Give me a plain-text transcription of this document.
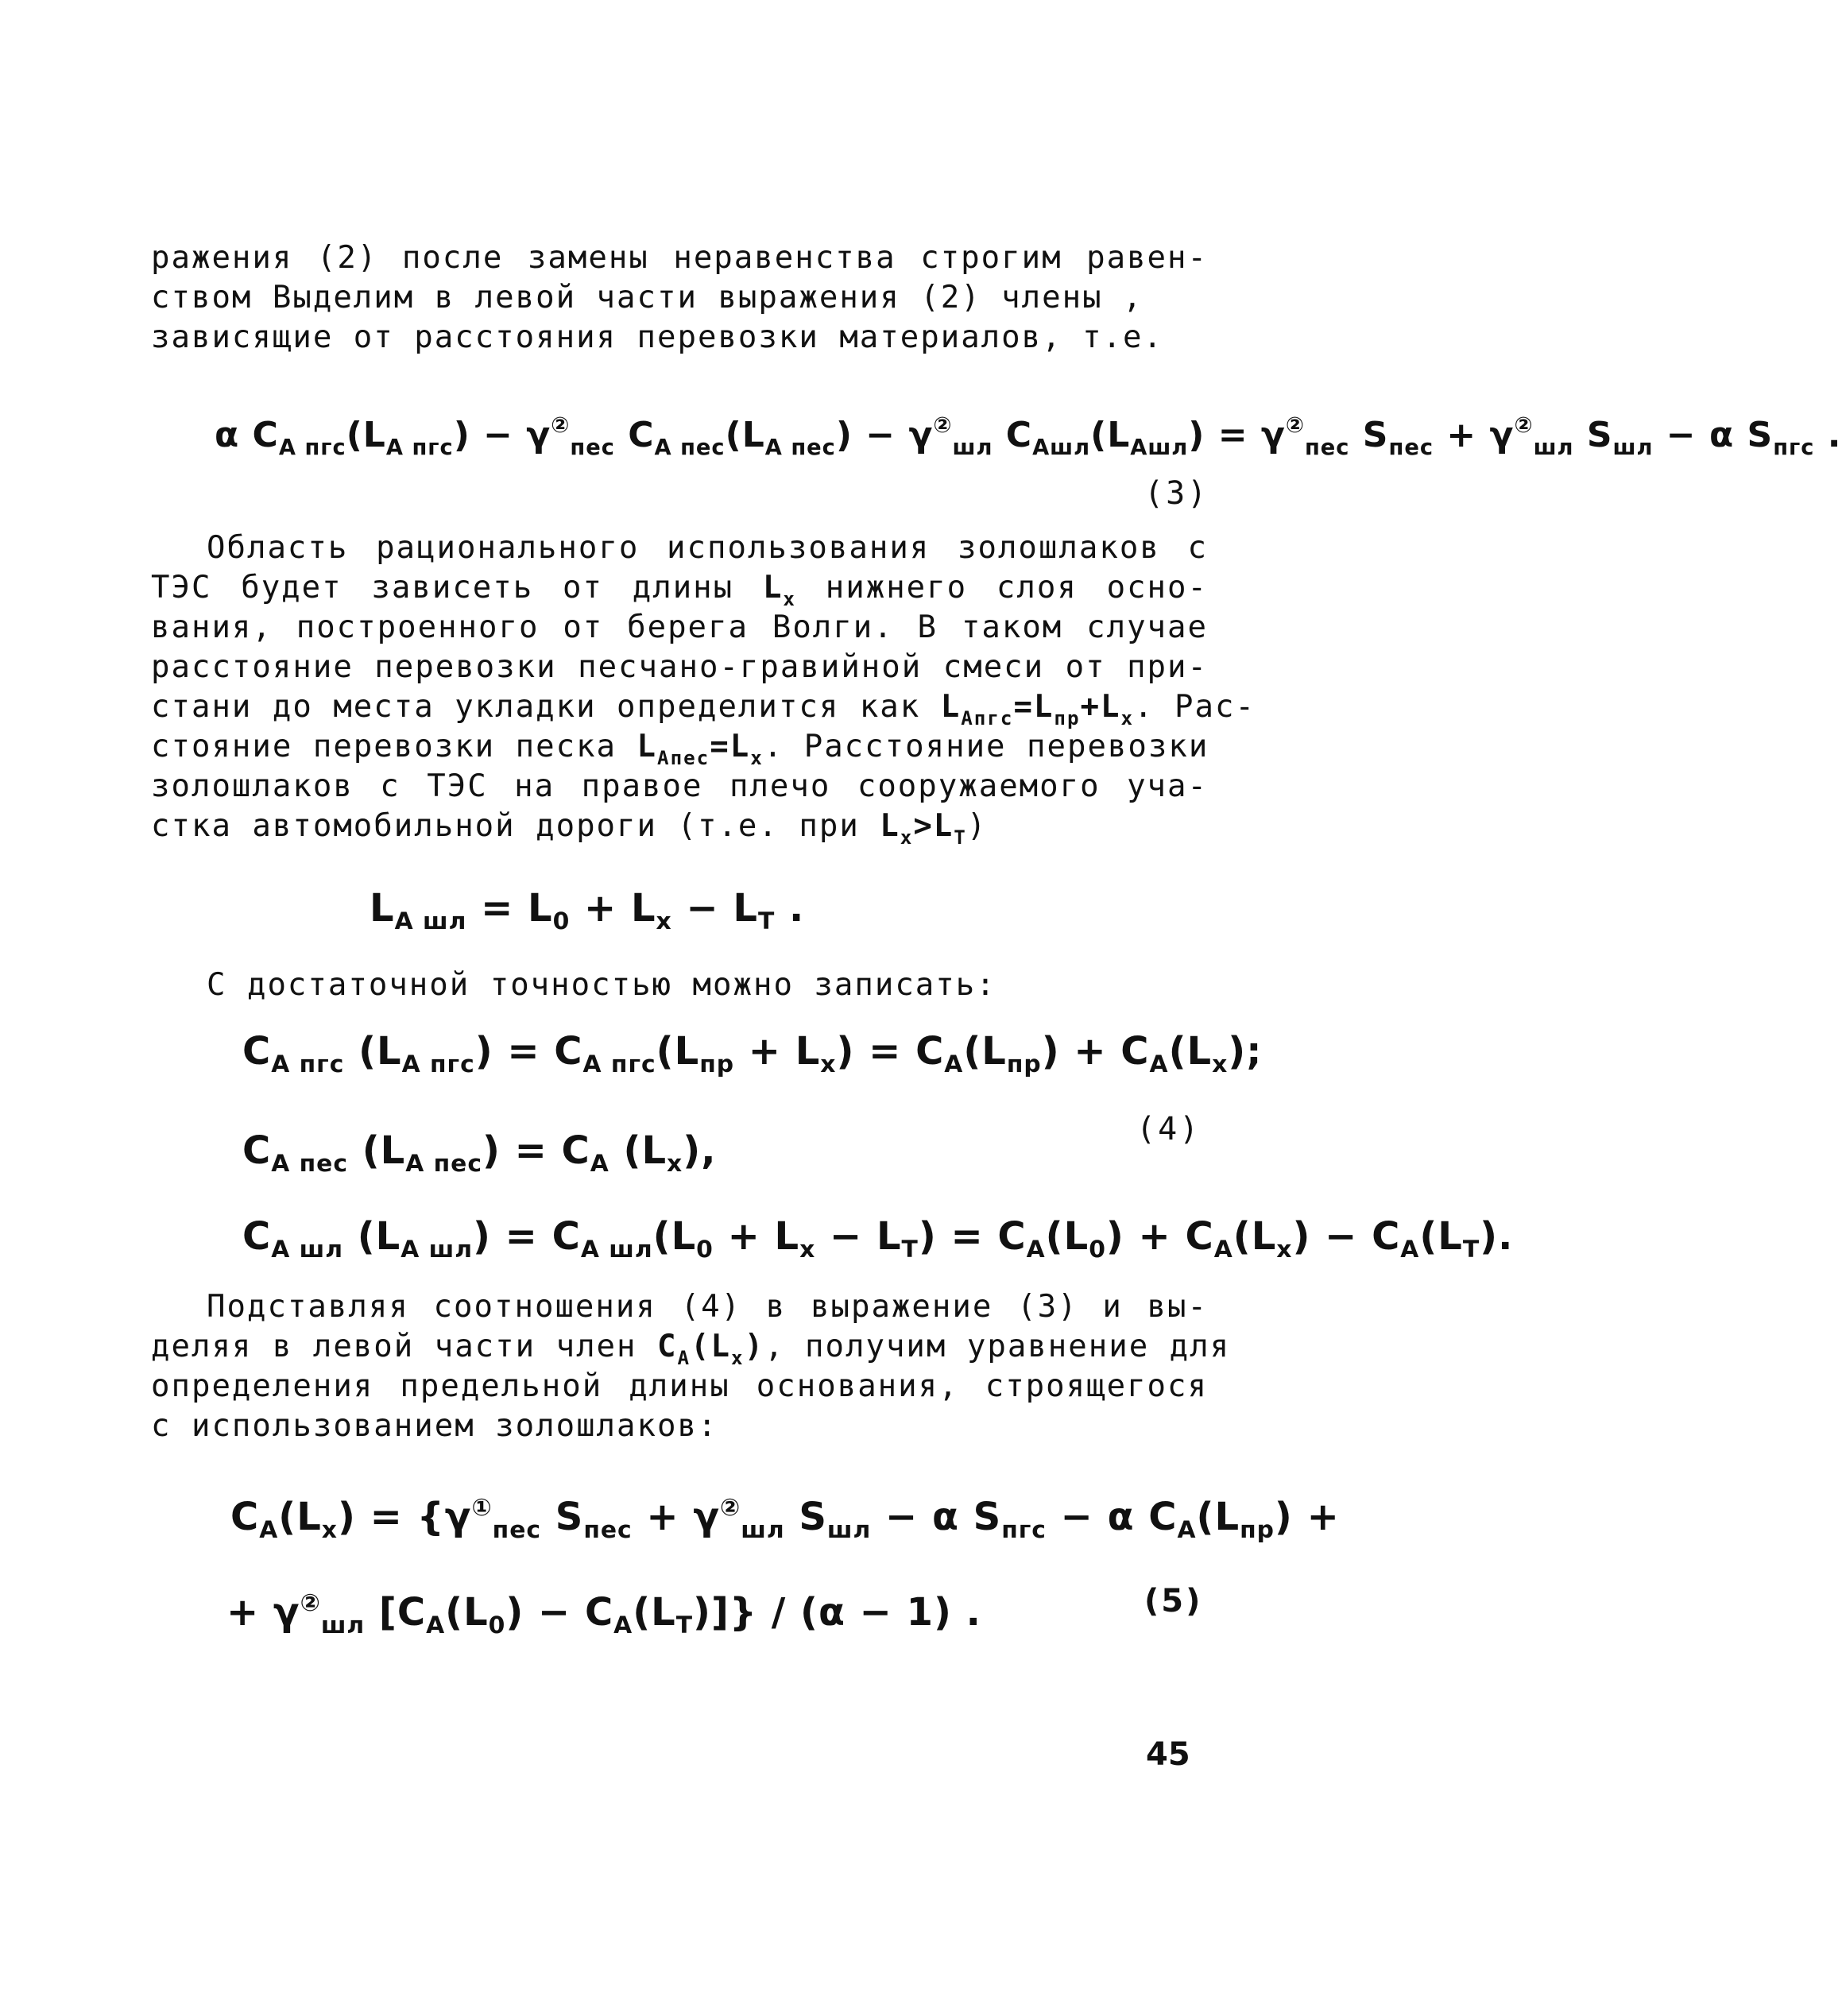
ражения (2) после замены неравенства строгим равен-
ством Выделим в левой части выражения (2) члены ,
зависящие от расстояния перевозки материалов, т.е.
α $C_{A пгс}(L_{A пгс}) - \gamma^②_{пес}$ $C_{A пес}(L_{A пес}) - \gamma^②_{шл}$ $C_{Aшл}(L_{Aшл}) = \gamma^②_{пес}$ $S_{пес} + \gamma^②_{шл}$ $S_{шл} - \alpha$ $S_{пгс}$ .
(3)
Область рационального использования золошлаков с
ТЭС будет зависеть от длины $L_x$ нижнего слоя осно-
вания, построенного от берега Волги. В таком случае
расстояние перевозки песчано-гравийной смеси от при-
стани до места укладки определится как $L_{Aпгс}=L_{пр}+L_x$. Рас-
стояние перевозки песка $L_{Aпес}=L_x$. Расстояние перевозки
золошлаков с ТЭС на правое плечо сооружаемого уча-
стка автомобильной дороги (т.е. при $L_x>L_T$)
$L_{A шл} = L_0 + L_x - L_T$ .
С достаточной точностью можно записать:
$C_{A пгс}$ $(L_{A пгс}) = C_{A пгс}(L_{пр} + L_x) = C_A(L_{пр}) + C_A(L_x)$;
$C_{A пес}$ $(L_{A пес}) = C_A$ $(L_x)$,	(4)
$C_{A шл}$ $(L_{A шл}) = C_{A шл}(L_0 + L_x - L_T) = C_A(L_0) + C_A(L_x) - C_A(L_T)$.
Подставляя соотношения (4) в выражение (3) и вы-
деляя в левой части член $C_A(L_x)$, получим уравнение для
определения предельной длины основания, строящегося
с использованием золошлаков:
$C_A(L_x) = \{\gamma^①_{пес}$ $S_{пес} + \gamma^②_{шл}$ $S_{шл} - \alpha$ $S_{пгс} - \alpha$ $C_A(L_{пр})$ +
+ $\gamma^②_{шл}$ $[C_A(L_0) - C_A(L_T)]\} / (\alpha - 1)$ .	(5)
45
